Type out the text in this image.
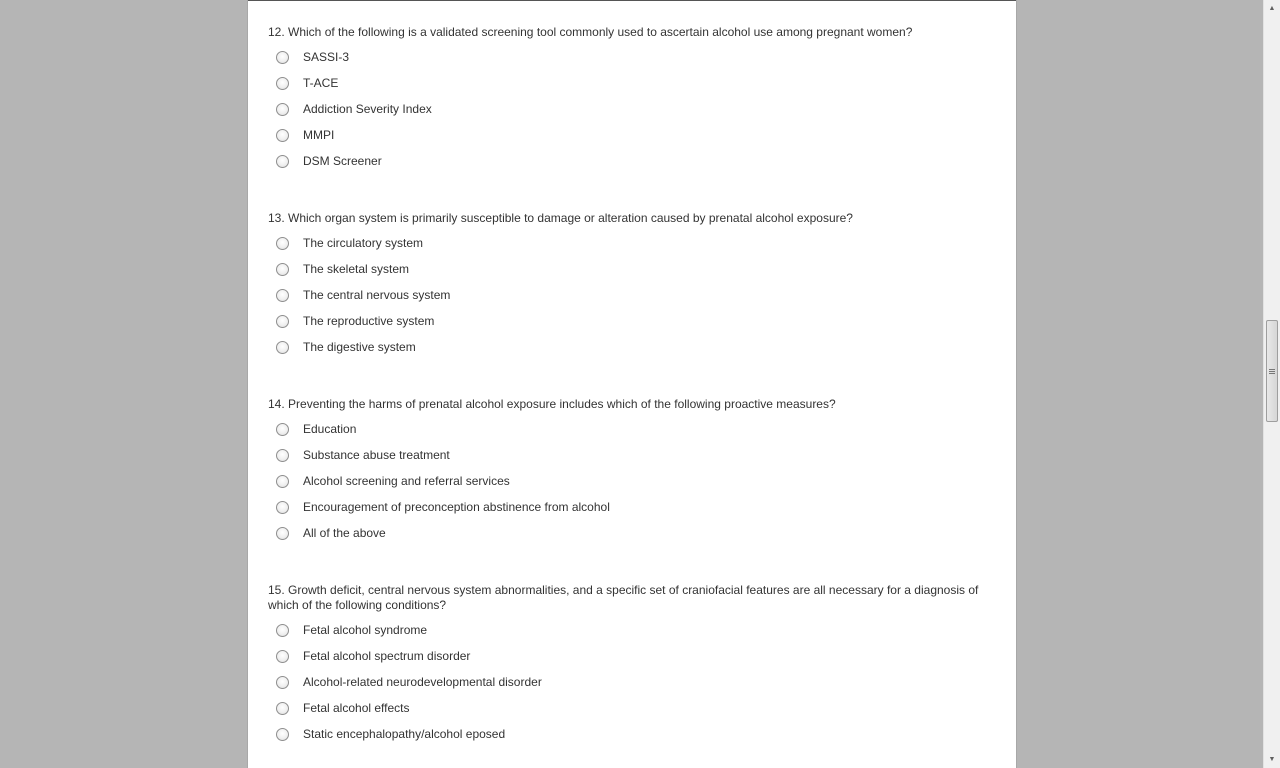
12. Which of the following is a validated screening tool commonly used to ascertain alcohol use among pregnant women?

SASSI-3
T-ACE
Addiction Severity Index
MMPI
DSM Screener

13. Which organ system is primarily susceptible to damage or alteration caused by prenatal alcohol exposure?

The circulatory system
The skeletal system
The central nervous system
The reproductive system
The digestive system

14. Preventing the harms of prenatal alcohol exposure includes which of the following proactive measures?

Education
Substance abuse treatment
Alcohol screening and referral services
Encouragement of preconception abstinence from alcohol
All of the above

15. Growth deficit, central nervous system abnormalities, and a specific set of craniofacial features are all necessary for a diagnosis of which of the following conditions?

Fetal alcohol syndrome
Fetal alcohol spectrum disorder
Alcohol-related neurodevelopmental disorder
Fetal alcohol effects
Static encephalopathy/alcohol eposed
▲
▼
